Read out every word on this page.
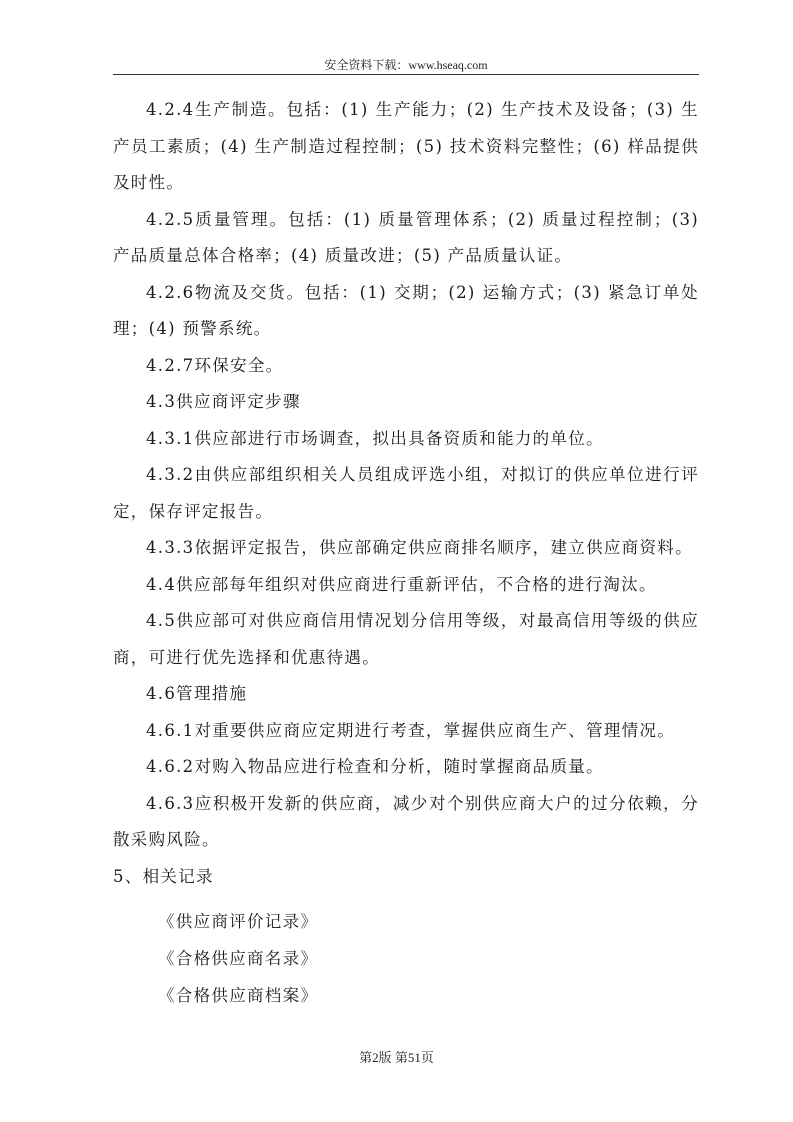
安全资料下载：www.hseaq.com

4.2.4生产制造。包括：(1) 生产能力；(2) 生产技术及设备；(3) 生产员工素质；(4) 生产制造过程控制；(5) 技术资料完整性；(6) 样品提供及时性。

4.2.5质量管理。包括：(1) 质量管理体系；(2) 质量过程控制；(3) 产品质量总体合格率；(4) 质量改进；(5) 产品质量认证。

4.2.6物流及交货。包括：(1) 交期；(2) 运输方式；(3) 紧急订单处理；(4) 预警系统。

4.2.7环保安全。

4.3供应商评定步骤

4.3.1供应部进行市场调查，拟出具备资质和能力的单位。

4.3.2由供应部组织相关人员组成评选小组，对拟订的供应单位进行评定，保存评定报告。

4.3.3依据评定报告，供应部确定供应商排名顺序，建立供应商资料。

4.4供应部每年组织对供应商进行重新评估，不合格的进行淘汰。

4.5供应部可对供应商信用情况划分信用等级，对最高信用等级的供应商，可进行优先选择和优惠待遇。

4.6管理措施

4.6.1对重要供应商应定期进行考查，掌握供应商生产、管理情况。

4.6.2对购入物品应进行检查和分析，随时掌握商品质量。

4.6.3应积极开发新的供应商，减少对个别供应商大户的过分依赖，分散采购风险。

5、相关记录

《供应商评价记录》

《合格供应商名录》

《合格供应商档案》

第2版 第51页
